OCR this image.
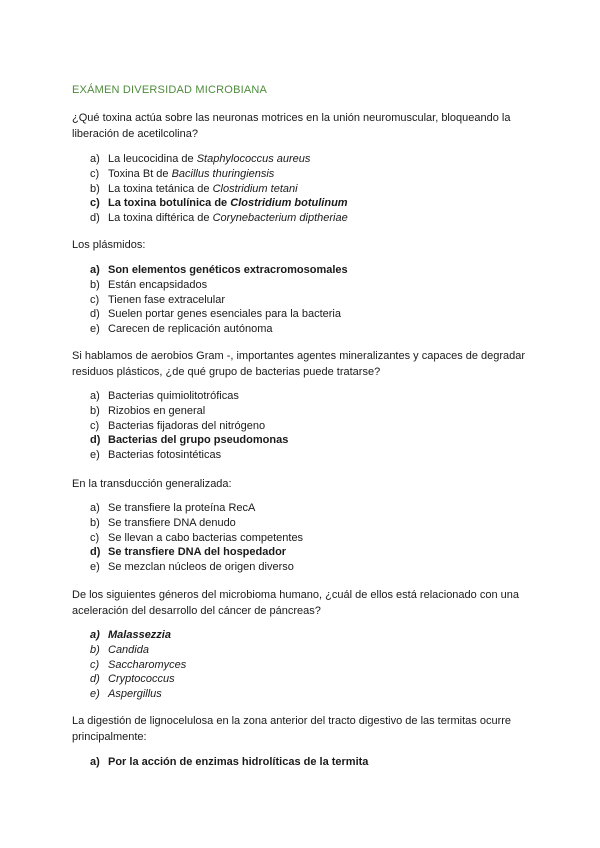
EXÁMEN DIVERSIDAD MICROBIANA
¿Qué toxina actúa sobre las neuronas motrices en la unión neuromuscular, bloqueando la liberación de acetilcolina?
a) La leucocidina de Staphylococcus aureus
c) Toxina Bt de Bacillus thuringiensis
b) La toxina tetánica de Clostridium tetani
c) La toxina botulínica de Clostridium botulinum
d) La toxina diftérica de Corynebacterium diptheriae
Los plásmidos:
a) Son elementos genéticos extracromosomales
b) Están encapsidados
c) Tienen fase extracelular
d) Suelen portar genes esenciales para la bacteria
e) Carecen de replicación autónoma
Si hablamos de aerobios Gram -, importantes agentes mineralizantes y capaces de degradar residuos plásticos, ¿de qué grupo de bacterias puede tratarse?
a) Bacterias quimiolitotróficas
b) Rizobios en general
c) Bacterias fijadoras del nitrógeno
d) Bacterias del grupo pseudomonas
e) Bacterias fotosintéticas
En la transducción generalizada:
a) Se transfiere la proteína RecA
b) Se transfiere DNA denudo
c) Se llevan a cabo bacterias competentes
d) Se transfiere DNA del hospedador
e) Se mezclan núcleos de origen diverso
De los siguientes géneros del microbioma humano, ¿cuál de ellos está relacionado con una aceleración del desarrollo del cáncer de páncreas?
a) Malassezzia
b) Candida
c) Saccharomyces
d) Cryptococcus
e) Aspergillus
La digestión de lignocelulosa en la zona anterior del tracto digestivo de las termitas ocurre principalmente:
a) Por la acción de enzimas hidrolíticas de la termita
